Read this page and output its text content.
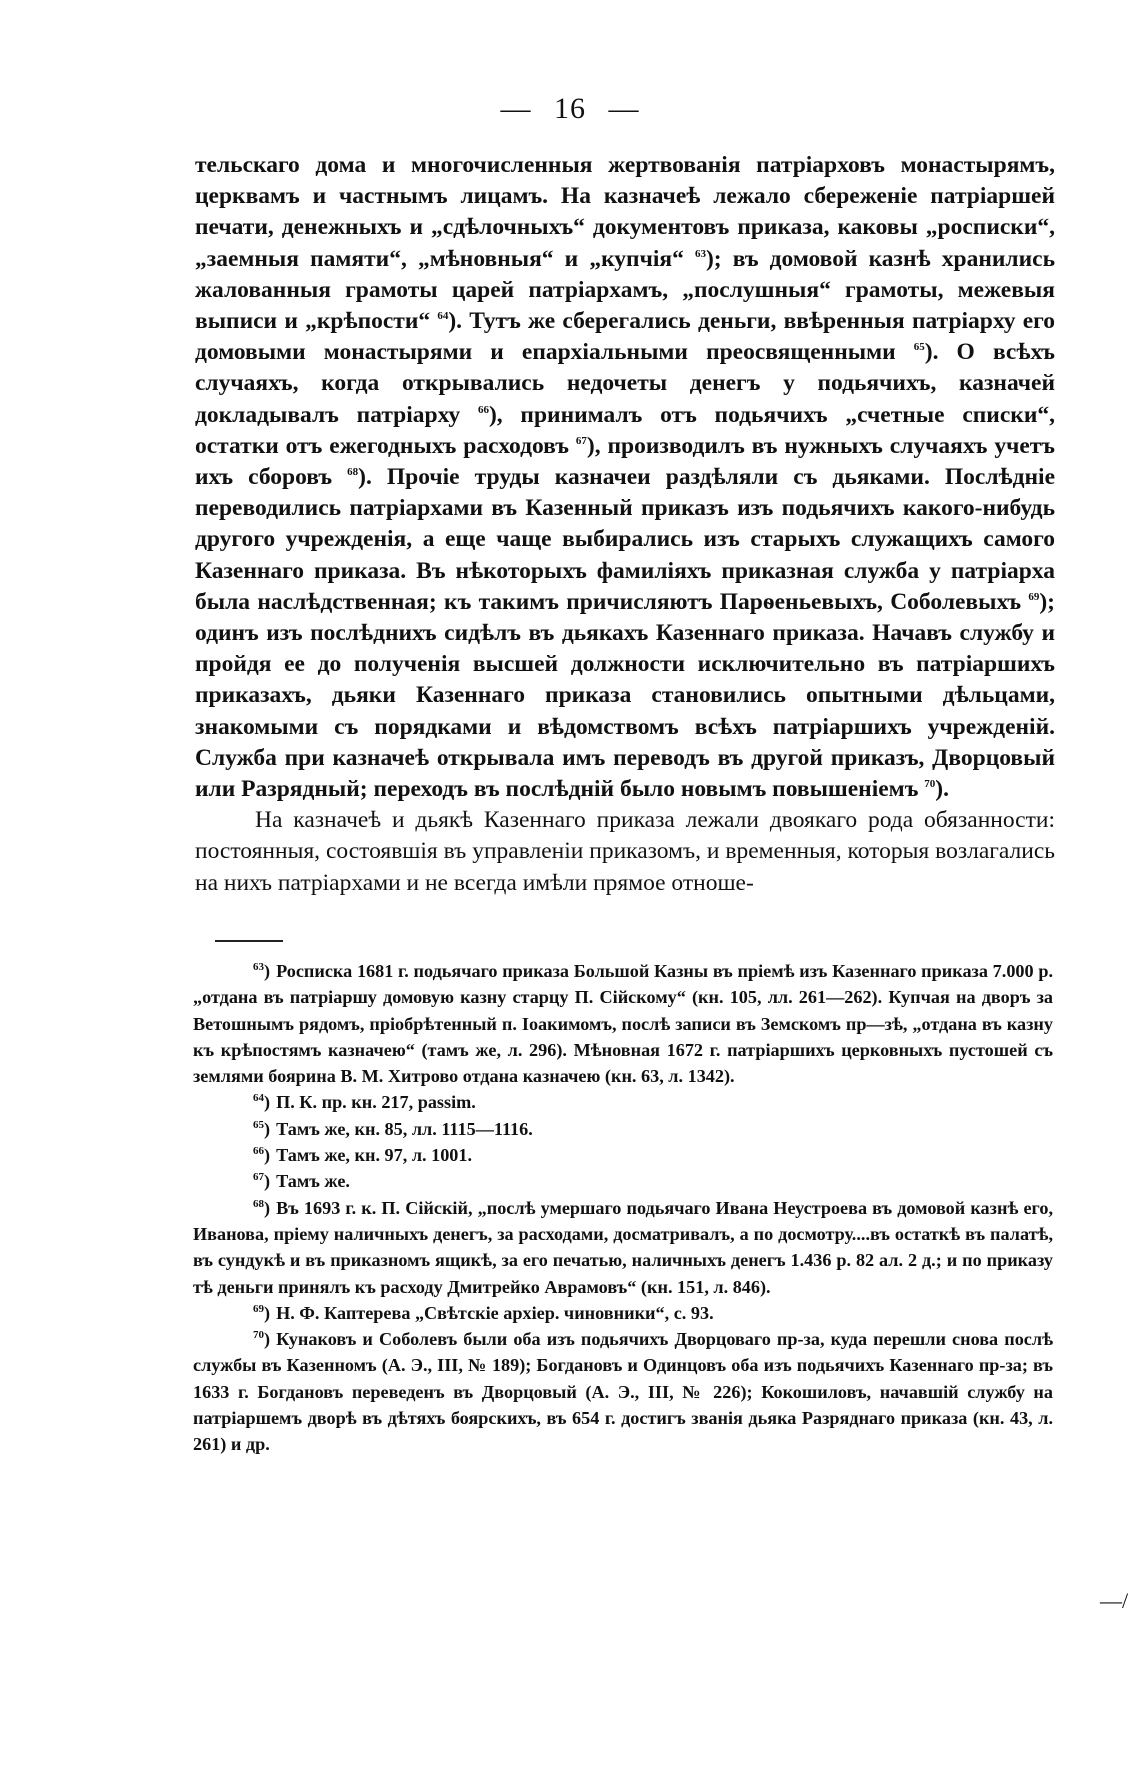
— 16 —

тельскаго дома и многочисленныя жертвованія патріарховъ монастырямъ, церквамъ и частнымъ лицамъ. На казначеѣ лежало сбереженіе патріаршей печати, денежныхъ и „сдѣлочныхъ“ документовъ приказа, каковы „росписки“, „заемныя памяти“, „мѣновныя“ и „купчія“ $^{63}$); въ домовой казнѣ хранились жалованныя грамоты царей патріархамъ, „послушныя“ грамоты, межевыя выписи и „крѣпости“ $^{64}$). Тутъ же сберегались деньги, ввѣренныя патріарху его домовыми монастырями и епархіальными преосвященными $^{65}$). О всѣхъ случаяхъ, когда открывались недочеты денегъ у подьячихъ, казначей докладывалъ патріарху $^{66}$), принималъ отъ подьячихъ „счетные списки“, остатки отъ ежегодныхъ расходовъ $^{67}$), производилъ въ нужныхъ случаяхъ учетъ ихъ сборовъ $^{68}$). Прочіе труды казначеи раздѣляли съ дьяками. Послѣдніе переводились патріархами въ Казенный приказъ изъ подьячихъ какого-нибудь другого учрежденія, а еще чаще выбирались изъ старыхъ служащихъ самого Казеннаго приказа. Въ нѣкоторыхъ фамиліяхъ приказная служба у патріарха была наслѣдственная; къ такимъ причисляютъ Парѳеньевыхъ, Соболевыхъ $^{69}$); одинъ изъ послѣднихъ сидѣлъ въ дьякахъ Казеннаго приказа. Начавъ службу и пройдя ее до полученія высшей должности исключительно въ патріаршихъ приказахъ, дьяки Казеннаго приказа становились опытными дѣльцами, знакомыми съ порядками и вѣдомствомъ всѣхъ патріаршихъ учрежденій. Служба при казначеѣ открывала имъ переводъ въ другой приказъ, Дворцовый или Разрядный; переходъ въ послѣдній было новымъ повышеніемъ $^{70}$).

На казначеѣ и дьякѣ Казеннаго приказа лежали двоякаго рода обязанности: постоянныя, состоявшія въ управленіи приказомъ, и временныя, которыя возлагались на нихъ патріархами и не всегда имѣли прямое отноше-

$^{63}$) Росписка 1681 г. подьячаго приказа Большой Казны въ пріемѣ изъ Казеннаго приказа 7.000 р. „отдана въ патріаршу домовую казну старцу П. Сійскому“ (кн. 105, лл. 261—262). Купчая на дворъ за Ветошнымъ рядомъ, пріобрѣтенный п. Іоакимомъ, послѣ записи въ Земскомъ пр—зѣ, „отдана въ казну къ крѣпостямъ казначею“ (тамъ же, л. 296). Мѣновная 1672 г. патріаршихъ церковныхъ пустошей съ землями боярина В. М. Хитрово отдана казначею (кн. 63, л. 1342).

$^{64}$) П. К. пр. кн. 217, passim.

$^{65}$) Тамъ же, кн. 85, лл. 1115—1116.

$^{66}$) Тамъ же, кн. 97, л. 1001.

$^{67}$) Тамъ же.

$^{68}$) Въ 1693 г. к. П. Сійскій, „послѣ умершаго подьячаго Ивана Неустроева въ домовой казнѣ его, Иванова, пріему наличныхъ денегъ, за расходами, досматривалъ, а по досмотру....въ остаткѣ въ палатѣ, въ сундукѣ и въ приказномъ ящикѣ, за его печатью, наличныхъ денегъ 1.436 р. 82 ал. 2 д.; и по приказу тѣ деньги принялъ къ расходу Дмитрейко Аврамовъ“ (кн. 151, л. 846).

$^{69}$) Н. Ф. Каптерева „Свѣтскіе архіер. чиновники“, с. 93.

$^{70}$) Кунаковъ и Соболевъ были оба изъ подьячихъ Дворцоваго пр-за, куда перешли снова послѣ службы въ Казенномъ (А. Э., III, № 189); Богдановъ и Одинцовъ оба изъ подьячихъ Казеннаго пр-за; въ 1633 г. Богдановъ переведенъ въ Дворцовый (А. Э., III, № 226); Кокошиловъ, начавшій службу на патріаршемъ дворѣ въ дѣтяхъ боярскихъ, въ 654 г. достигъ званія дьяка Разряднаго приказа (кн. 43, л. 261) и др.

—/
